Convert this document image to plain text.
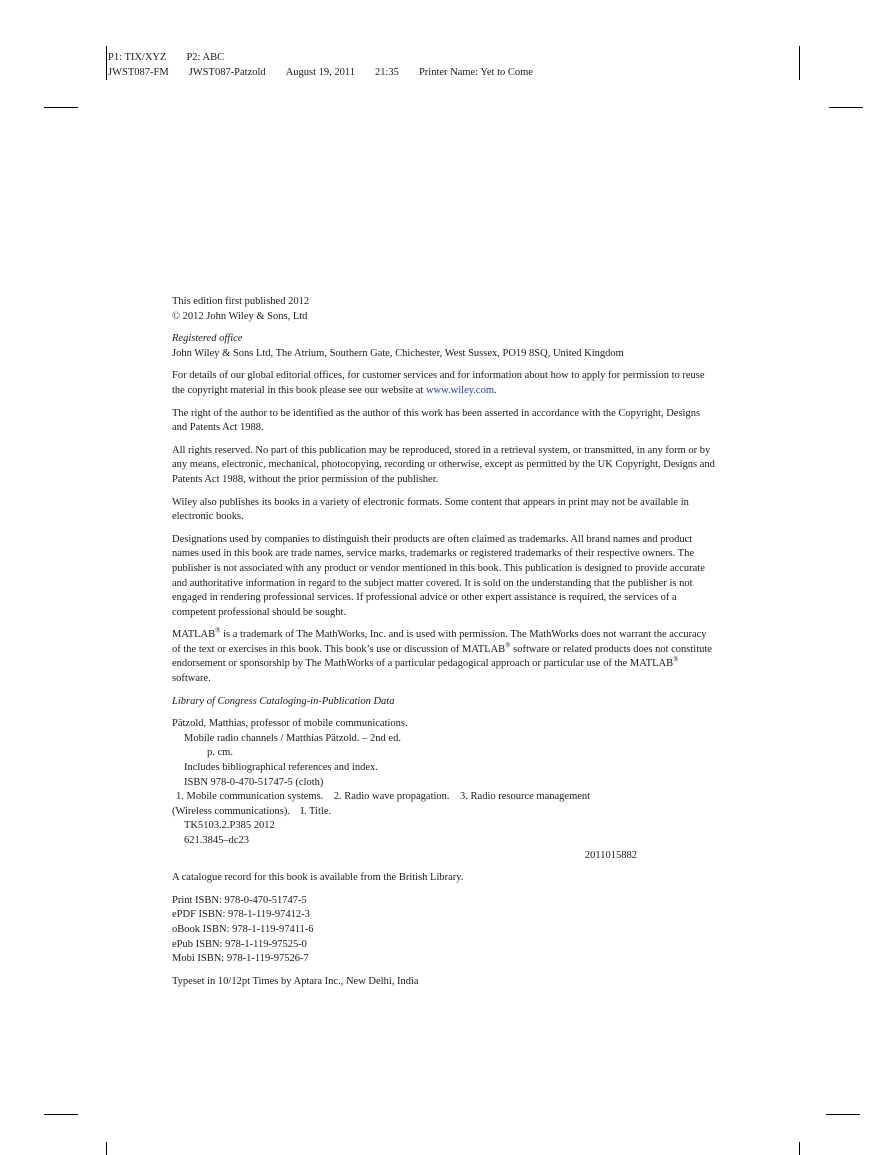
P1: TIX/XYZ P2: ABC
JWST087-FM JWST087-Patzold August 19, 2011 21:35 Printer Name: Yet to Come

This edition first published 2012
© 2012 John Wiley & Sons, Ltd

Registered office
John Wiley & Sons Ltd, The Atrium, Southern Gate, Chichester, West Sussex, PO19 8SQ, United Kingdom

For details of our global editorial offices, for customer services and for information about how to apply for permission to reuse the copyright material in this book please see our website at www.wiley.com.

The right of the author to be identified as the author of this work has been asserted in accordance with the Copyright, Designs and Patents Act 1988.

All rights reserved. No part of this publication may be reproduced, stored in a retrieval system, or transmitted, in any form or by any means, electronic, mechanical, photocopying, recording or otherwise, except as permitted by the UK Copyright, Designs and Patents Act 1988, without the prior permission of the publisher.

Wiley also publishes its books in a variety of electronic formats. Some content that appears in print may not be available in electronic books.

Designations used by companies to distinguish their products are often claimed as trademarks. All brand names and product names used in this book are trade names, service marks, trademarks or registered trademarks of their respective owners. The publisher is not associated with any product or vendor mentioned in this book. This publication is designed to provide accurate and authoritative information in regard to the subject matter covered. It is sold on the understanding that the publisher is not engaged in rendering professional services. If professional advice or other expert assistance is required, the services of a competent professional should be sought.

MATLAB® is a trademark of The MathWorks, Inc. and is used with permission. The MathWorks does not warrant the accuracy of the text or exercises in this book. This book’s use or discussion of MATLAB® software or related products does not constitute endorsement or sponsorship by The MathWorks of a particular pedagogical approach or particular use of the MATLAB® software.

Library of Congress Cataloging-in-Publication Data

Pätzold, Matthias, professor of mobile communications.
Mobile radio channels / Matthias Pätzold. – 2nd ed.
p. cm.
Includes bibliographical references and index.
ISBN 978-0-470-51747-5 (cloth)
1. Mobile communication systems.    2. Radio wave propagation.    3. Radio resource management
(Wireless communications).    I. Title.
TK5103.2.P385 2012
621.3845–dc23
2011015882

A catalogue record for this book is available from the British Library.

Print ISBN: 978-0-470-51747-5
ePDF ISBN: 978-1-119-97412-3
oBook ISBN: 978-1-119-97411-6
ePub ISBN: 978-1-119-97525-0
Mobi ISBN: 978-1-119-97526-7

Typeset in 10/12pt Times by Aptara Inc., New Delhi, India
